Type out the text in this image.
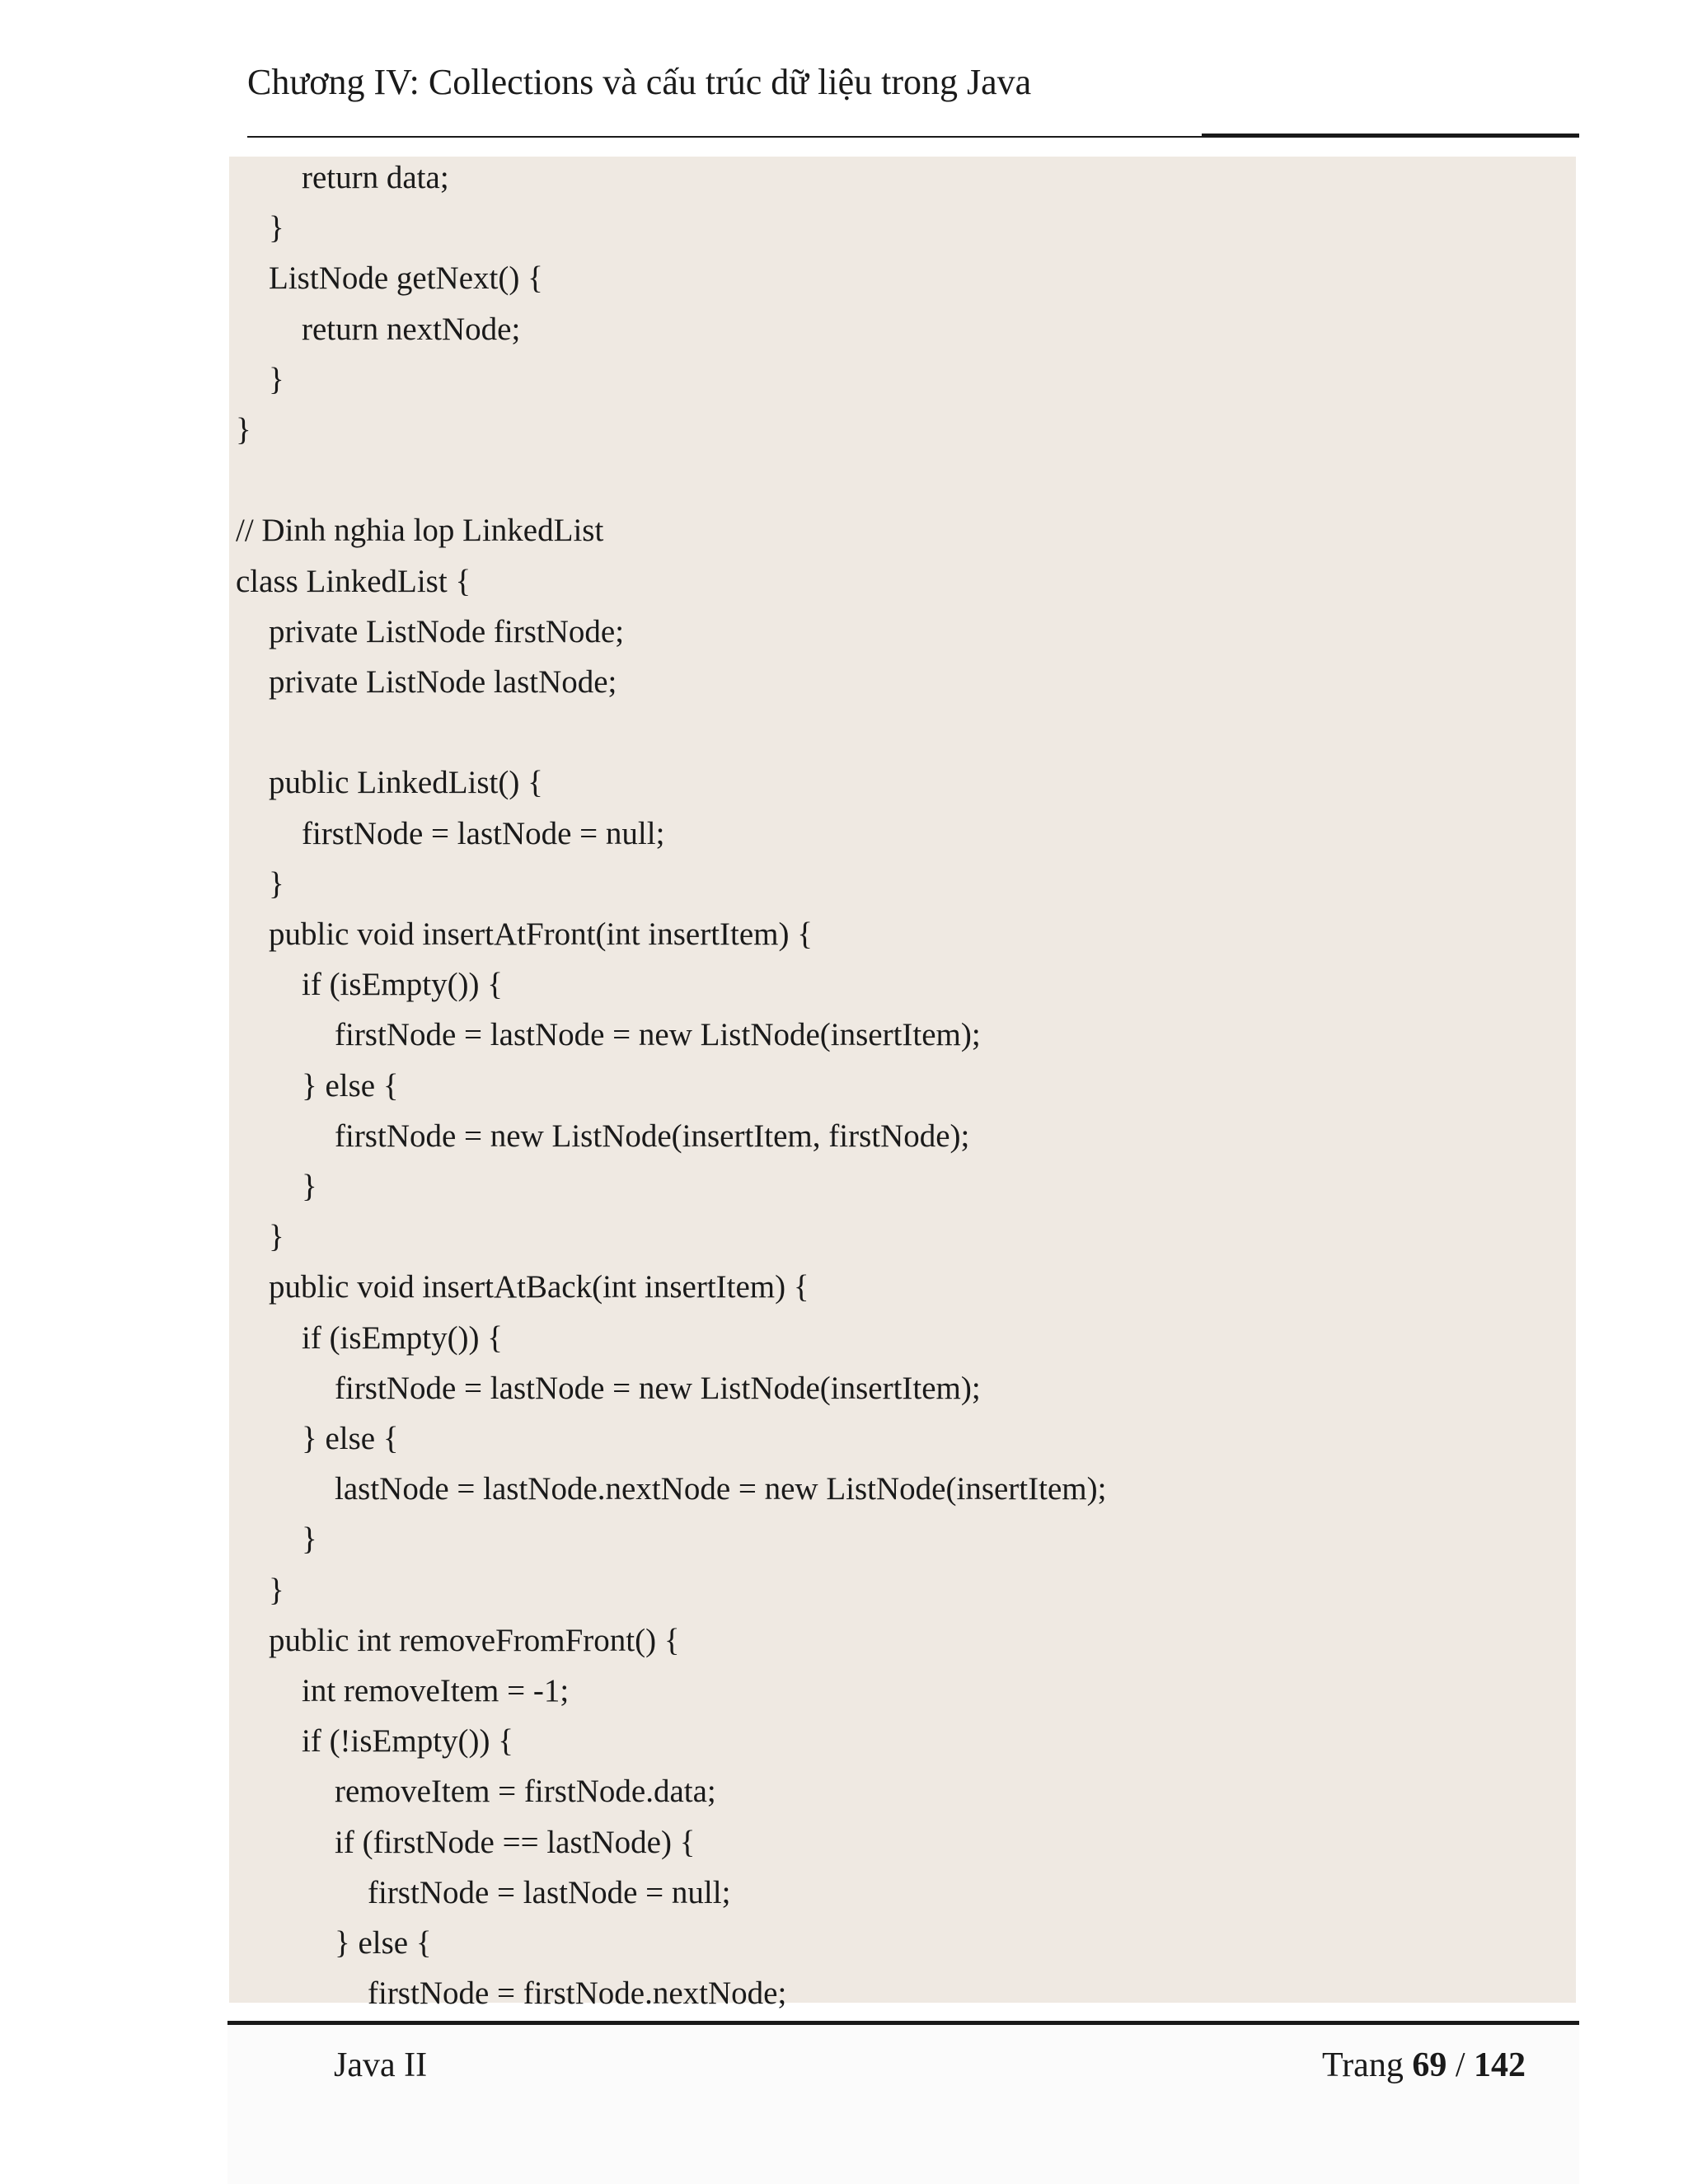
Chương IV: Collections và cấu trúc dữ liệu trong Java
return data;
}
ListNode getNext() {
return nextNode;
}
}
// Dinh nghia lop LinkedList
class LinkedList {
private ListNode firstNode;
private ListNode lastNode;
public LinkedList() {
firstNode = lastNode = null;
}
public void insertAtFront(int insertItem) {
if (isEmpty()) {
firstNode = lastNode = new ListNode(insertItem);
} else {
firstNode = new ListNode(insertItem, firstNode);
}
}
public void insertAtBack(int insertItem) {
if (isEmpty()) {
firstNode = lastNode = new ListNode(insertItem);
} else {
lastNode = lastNode.nextNode = new ListNode(insertItem);
}
}
public int removeFromFront() {
int removeItem = -1;
if (!isEmpty()) {
removeItem = firstNode.data;
if (firstNode == lastNode) {
firstNode = lastNode = null;
} else {
firstNode = firstNode.nextNode;
Java II	Trang 69 / 142
